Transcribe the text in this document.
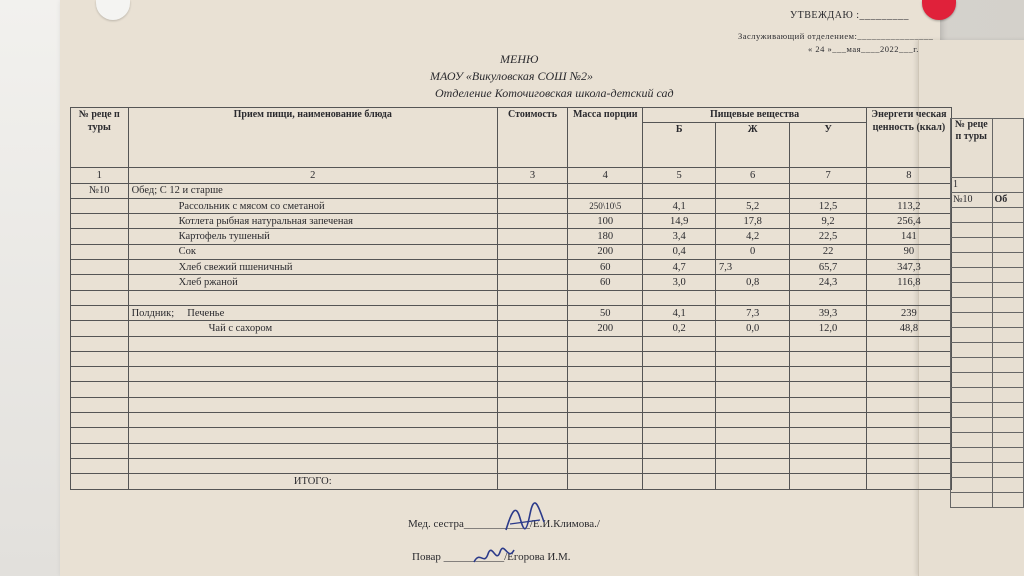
УТВЕЖДАЮ :_________
Заслуживающий отделением:________________
« 24 »___мая____2022___г.
МЕНЮ
МАОУ «Викуловская СОШ №2»
Отделение Коточиговская школа-детский сад
№ реце п туры	Прием пищи, наименование блюда	Стоимость	Масса порции	Пищевые вещества			Энергети ческая ценность (ккал)
				Б	Ж	У	
1	2	3	4	5	6	7	8
№10	Обед; С 12 и старше						
	Рассольник с мясом со сметаной		250\10\5	4,1	5,2	12,5	113,2
	Котлета рыбная натуральная запеченая		100	14,9	17,8	9,2	256,4
	Картофель тушеный		180	3,4	4,2	22,5	141
	Сок		200	0,4	0	22	90
	Хлеб свежий пшеничный		60	4,7	7,3	65,7	347,3
	Хлеб ржаной		60	3,0	0,8	24,3	116,8

	Полдник; Печенье		50	4,1	7,3	39,3	239
	Чай с сахором		200	0,2	0,0	12,0	48,8

	ИТОГО:						
Мед. сестра____________/Е.И.Климова./
Повар ___________/Егорова И.М.
№ реце п туры	
1	
№10	Об
